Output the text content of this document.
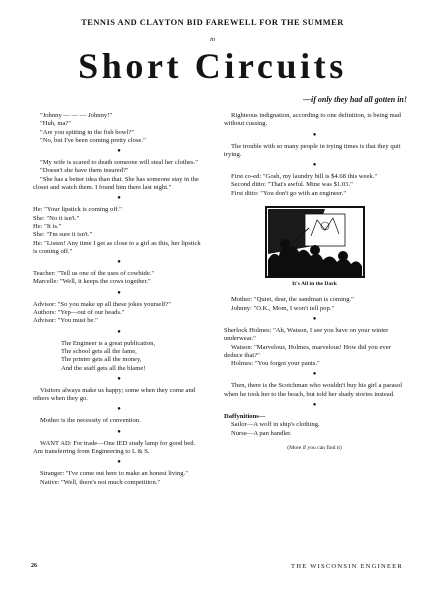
TENNIS AND CLAYTON BID FAREWELL FOR THE SUMMER
in
Short Circuits
—if only they had all gotten in!

"Johnny — — — Johnny!"

"Huh, ma?"

"Are you spitting in the fish bowl?"

"No, but I've been coming pretty close."

●

"My wife is scared to death someone will steal her clothes."

"Doesn't she have them insured?"

"She has a better idea than that. She has someone stay in the closet and watch them. I found him there last night."

●

He: "Your lipstick is coming off."

She: "No it isn't."

He: "It is."

She: "I'm sure it isn't."

He: "Listen! Any time I get as close to a girl as this, her lipstick is coming off."

●

Teacher: "Tell us one of the uses of cowhide."

Marcelle: "Well, it keeps the cows together."

●

Advisor: "So you make up all these jokes yourself?"

Authors: "Yep—out of our heads."

Advisor: "You must be."

●

The Engineer is a great publication,

The school gets all the fame,

The printer gets all the money,

And the staff gets all the blame!

●

Visitors always make us happy; some when they come and others when they go.

●

Mother is the necessity of convention.

●

WANT AD: For trade—One IED study lamp for good bed. Am transferring from Engineering to L & S.

●

Stranger: "I've come out here to make an honest living."

Native: "Well, there's not much competition."

Righteous indignation, according to one definition, is being mad without cussing.

●

The trouble with so many people in trying times is that they quit trying.

●

First co-ed: "Gosh, my laundry bill is $4.68 this week."

Second ditto: "That's awful. Mine was $1.03."

First ditto: "You don't go with an engineer."

It's All in the Dark

Mother: "Quiet, dear, the sandman is coming."

Johnny: "O.K., Mom, I won't tell pop."

●

Sherlock Holmes: "Ah, Watson, I see you have on your winter underwear."

Watson: "Marvelous, Holmes, marvelous! How did you ever deduce that?"

Holmes: "You forgot your pants."

●

Then, there is the Scotchman who wouldn't buy his girl a parasol when he took her to the beach, but told her shady stories instead.

●

Daffynitions—

Sailor—A wolf in ship's clothing.

Nurse—A pan handler.

(More if you can find it)
26	THE WISCONSIN ENGINEER
